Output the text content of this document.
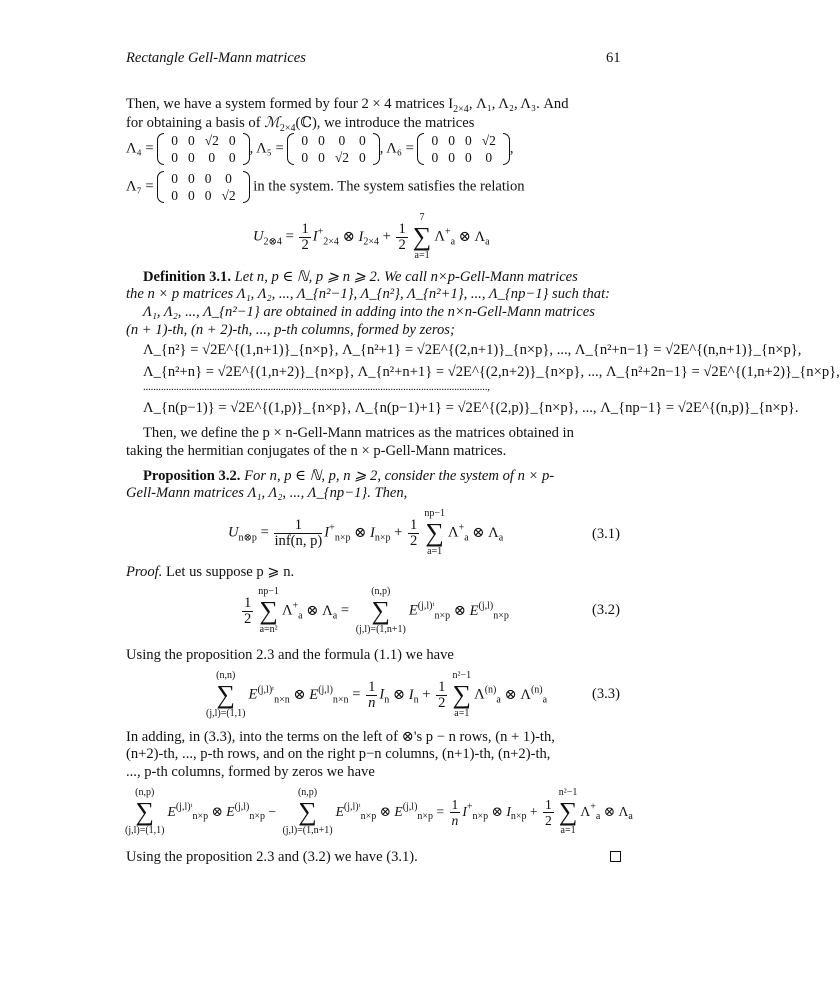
Rectangle Gell-Mann matrices	61
Then, we have a system formed by four 2 × 4 matrices $I_{2\times 4}$, Λ₁, Λ₂, Λ₃. And
for obtaining a basis of ℳ$_{2\times 4}$(ℂ), we introduce the matrices
Λ₄ = 0	0	√2	0
0	0	0	0
, Λ₅ = 0	0	0	0
0	0	√2	0
, Λ₆ = 0	0	0	√2
0	0	0	0
,
Λ₇ = 0	0	0	0
0	0	0	√2
in the system. The system satisfies the relation
$U_{2\otimes 4} = \frac{1}{2} I^+_{2\times 4}$ ⊗ $I_{2\times 4} + \frac{1}{2}$
7
∑
a=1
$\Lambda^+_a$ ⊗ $\Lambda_a$
Definition 3.1. Let n, p ∈ ℕ, p ⩾ n ⩾ 2. We call n×p-Gell-Mann matrices
the n × p matrices Λ₁, Λ₂, ..., Λ_{n²−1}, Λ_{n²}, Λ_{n²+1}, ..., Λ_{np−1} such that:
Λ₁, Λ₂, ..., Λ_{n²−1} are obtained in adding into the n×n-Gell-Mann matrices
(n + 1)-th, (n + 2)-th, ..., p-th columns, formed by zeros;
Λ_{n²} = √2E^{(1,n+1)}_{n×p}, Λ_{n²+1} = √2E^{(2,n+1)}_{n×p}, ..., Λ_{n²+n−1} = √2E^{(n,n+1)}_{n×p},
Λ_{n²+n} = √2E^{(1,n+2)}_{n×p}, Λ_{n²+n+1} = √2E^{(2,n+2)}_{n×p}, ..., Λ_{n²+2n−1} = √2E^{(1,n+2)}_{n×p},
.......................................................................................................................................,
Λ_{n(p−1)} = √2E^{(1,p)}_{n×p}, Λ_{n(p−1)+1} = √2E^{(2,p)}_{n×p}, ..., Λ_{np−1} = √2E^{(n,p)}_{n×p}.
Then, we define the p × n-Gell-Mann matrices as the matrices obtained in
taking the hermitian conjugates of the n × p-Gell-Mann matrices.
Proposition 3.2. For n, p ∈ ℕ, p, n ⩾ 2, consider the system of n × p-
Gell-Mann matrices Λ₁, Λ₂, ..., Λ_{np−1}. Then,
$U_{n\otimes p} = \frac{1}{\text{inf(n, p)}} I^+_{n\times p}$ ⊗ $I_{n\times p} + \frac{1}{2}$
np−1
∑
a=1
$\Lambda^+_a$ ⊗ $\Lambda_a$	(3.1)
Proof. Let us suppose p ⩾ n.
$\frac{1}{2}$
np−1
∑
a=n²
$\Lambda^+_a$ ⊗ $\Lambda_a$ =
(n,p)
∑
(j,l)=(1,n+1)
$E^{(j,l)ᵗ}_{n\times p}$ ⊗ E$^{(j,l)}_{n\times p}$	(3.2)
Using the proposition 2.3 and the formula (1.1) we have
(n,n)
∑
(j,l)=(1,1)
$E^{(j,l)ᵗ}_{n\times n}$ ⊗ $E^{(j,l)}_{n\times n} = \frac{1}{n} I_n$ ⊗ $I_n + \frac{1}{2}$
n²−1
∑
a=1
$\Lambda^{(n)}_a$ ⊗ $\Lambda^{(n)}_a$	(3.3)
In adding, in (3.3), into the terms on the left of ⊗'s p − n rows, (n + 1)-th,
(n+2)-th, ..., p-th rows, and on the right p−n columns, (n+1)-th, (n+2)-th,
..., p-th columns, formed by zeros we have
(n,p)
∑
(j,l)=(1,1)
$E^{(j,l)ᵗ}_{n\times p}$ ⊗ E$^{(j,l)}_{n\times p}$ −
(n,p)
∑
(j,l)=(1,n+1)
$E^{(j,l)ᵗ}_{n\times p}$ ⊗ $E^{(j,l)}_{n\times p} = \frac{1}{n} I^+_{n\times p}$ ⊗ $I_{n\times p} + \frac{1}{2}$
n²−1
∑
a=1
$\Lambda^+_a$ ⊗ $\Lambda_a$
Using the proposition 2.3 and (3.2) we have (3.1).
